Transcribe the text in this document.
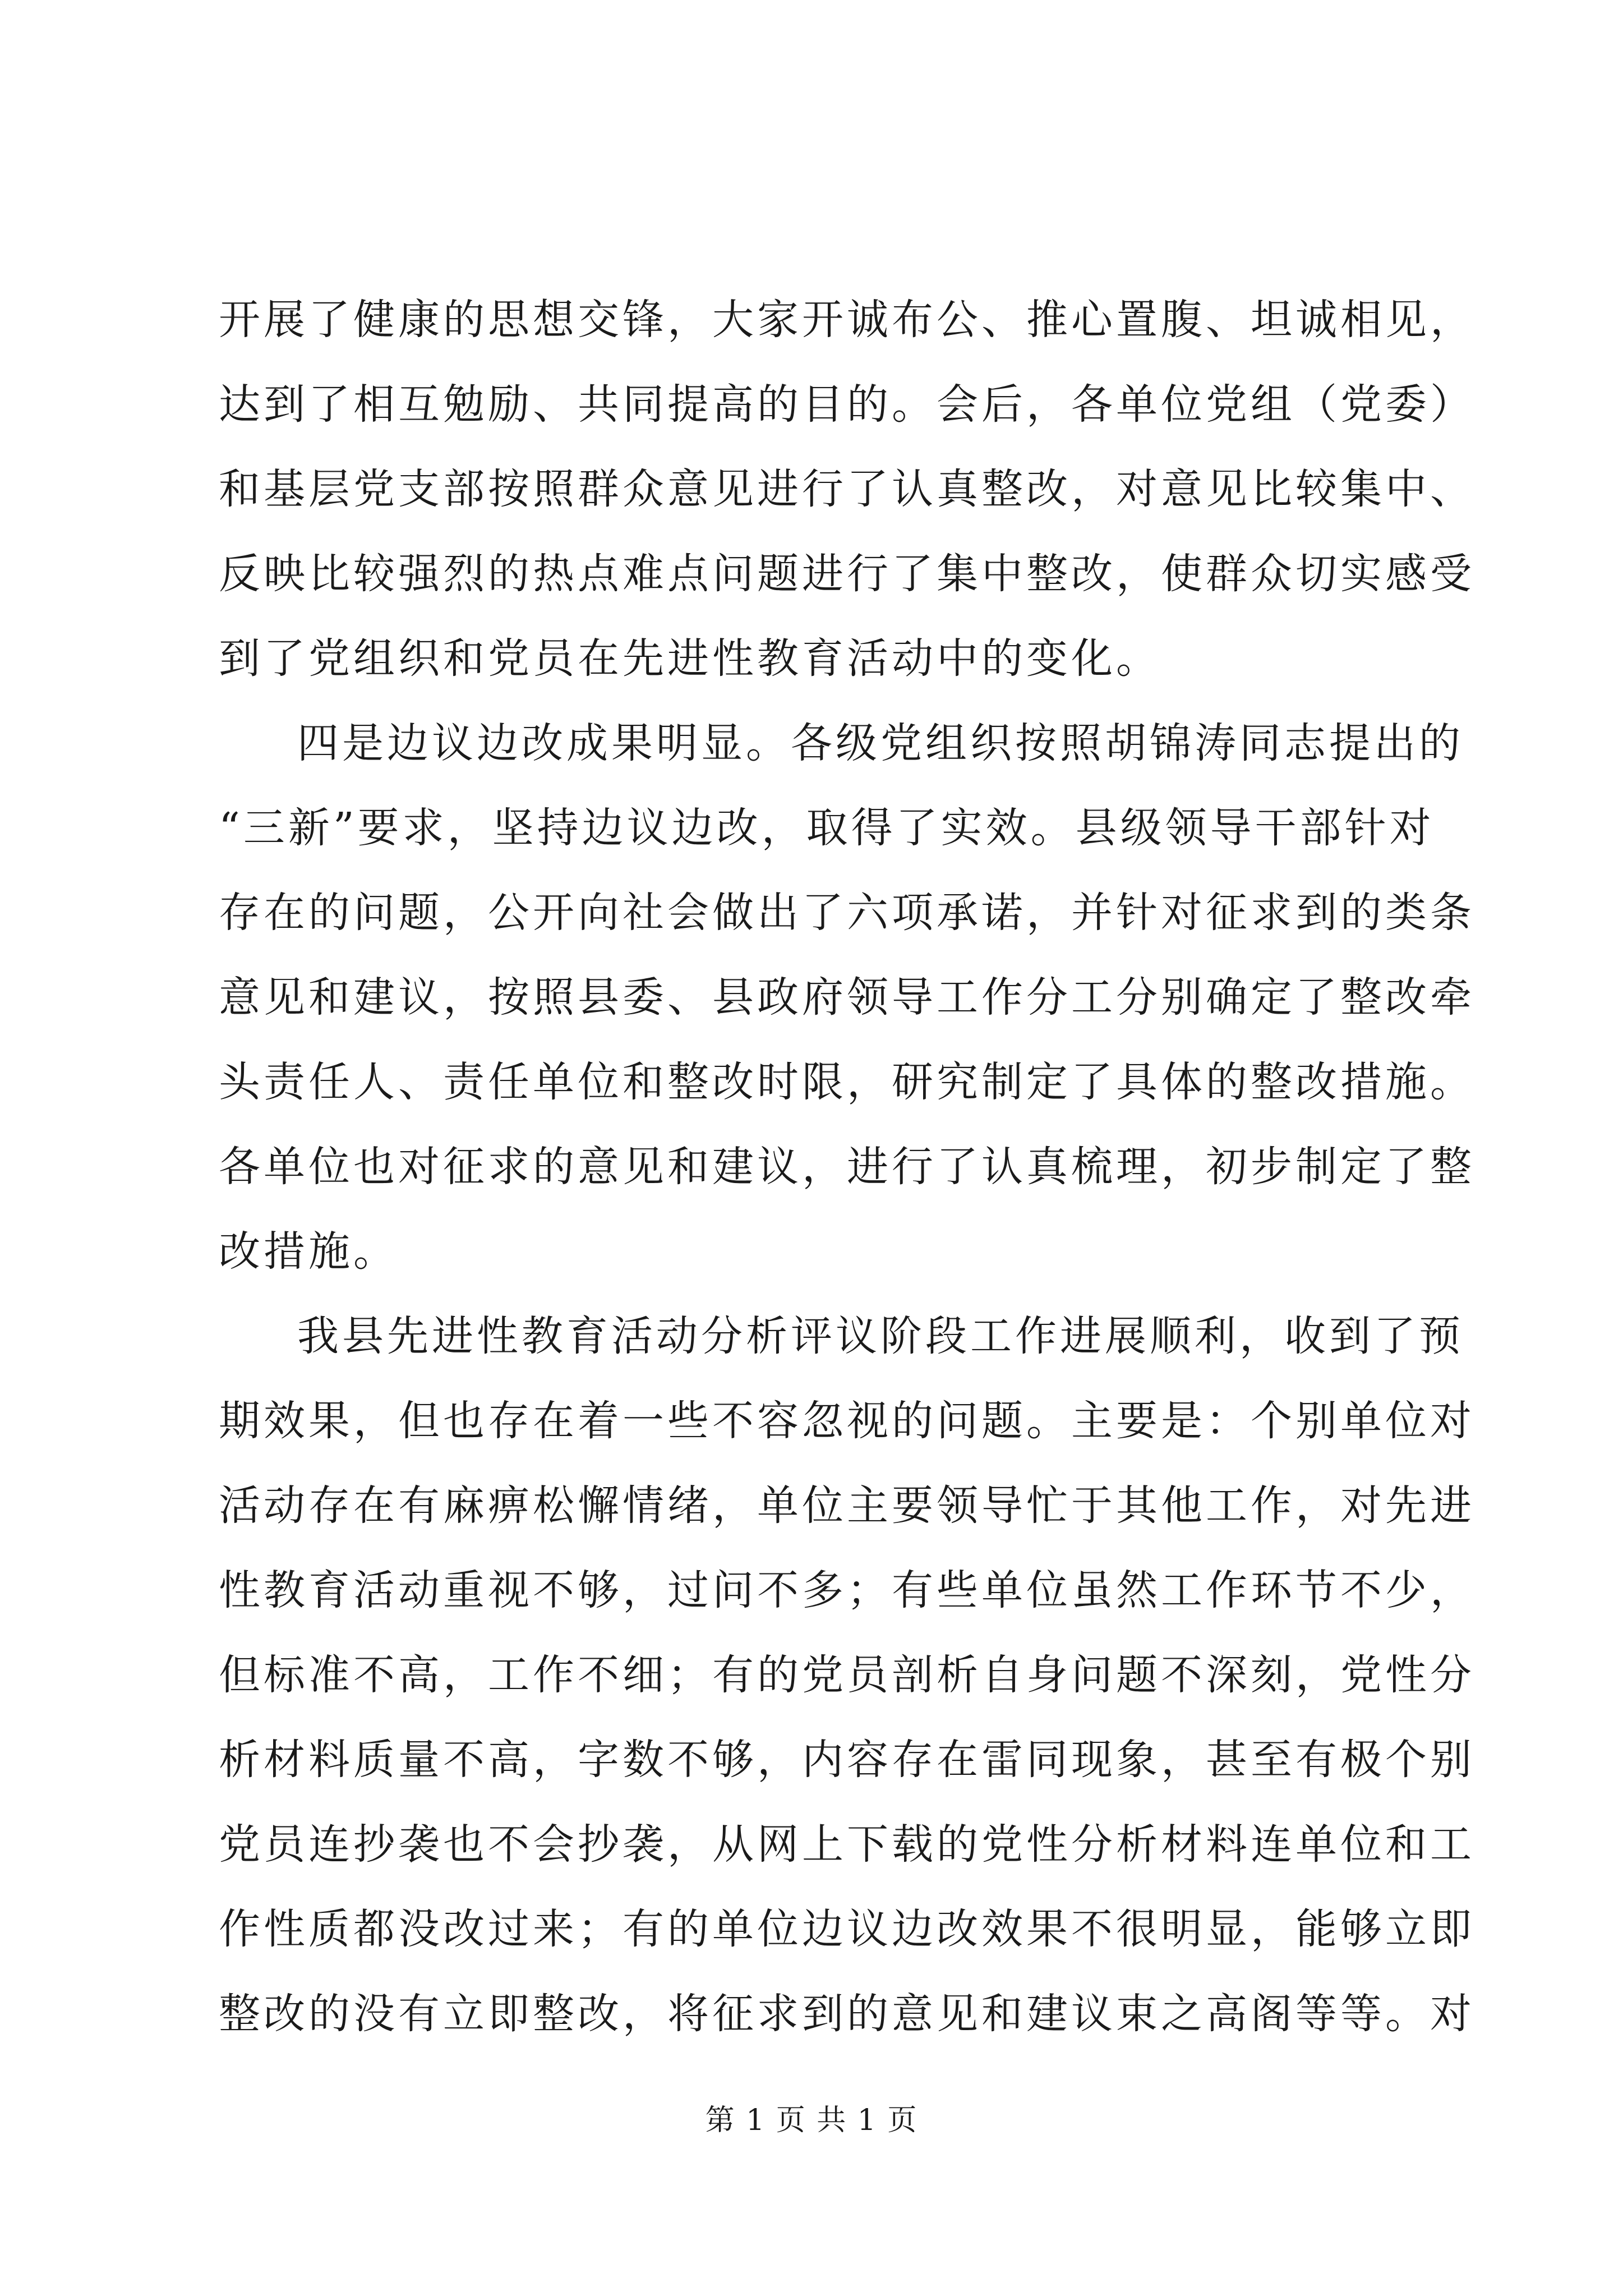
开展了健康的思想交锋，大家开诚布公、推心置腹、坦诚相见，
达到了相互勉励、共同提高的目的。会后，各单位党组（党委）
和基层党支部按照群众意见进行了认真整改，对意见比较集中、
反映比较强烈的热点难点问题进行了集中整改，使群众切实感受
到了党组织和党员在先进性教育活动中的变化。
四是边议边改成果明显。各级党组织按照胡锦涛同志提出的
“三新”要求，坚持边议边改，取得了实效。县级领导干部针对
存在的问题，公开向社会做出了六项承诺，并针对征求到的类条
意见和建议，按照县委、县政府领导工作分工分别确定了整改牵
头责任人、责任单位和整改时限，研究制定了具体的整改措施。
各单位也对征求的意见和建议，进行了认真梳理，初步制定了整
改措施。
我县先进性教育活动分析评议阶段工作进展顺利，收到了预
期效果，但也存在着一些不容忽视的问题。主要是：个别单位对
活动存在有麻痹松懈情绪，单位主要领导忙于其他工作，对先进
性教育活动重视不够，过问不多；有些单位虽然工作环节不少，
但标准不高，工作不细；有的党员剖析自身问题不深刻，党性分
析材料质量不高，字数不够，内容存在雷同现象，甚至有极个别
党员连抄袭也不会抄袭，从网上下载的党性分析材料连单位和工
作性质都没改过来；有的单位边议边改效果不很明显，能够立即
整改的没有立即整改，将征求到的意见和建议束之高阁等等。对
第 1 页 共 1 页
